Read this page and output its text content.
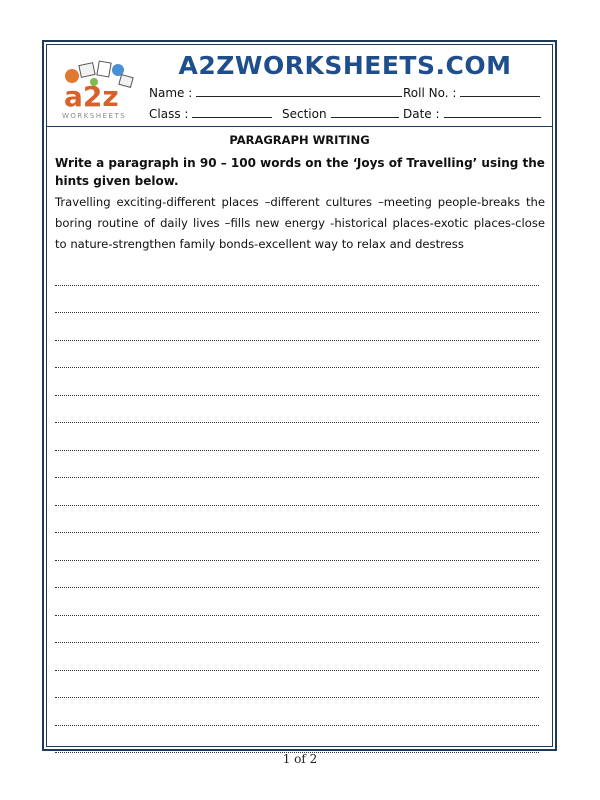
a2z
WORKSHEETS
A2ZWORKSHEETS.COM
Name :	Roll No. :
Class :	Section	Date :
PARAGRAPH WRITING
Write a paragraph in 90 – 100 words on the ‘Joys of Travelling’ using the hints given below.
Travelling exciting-different places –different cultures –meeting people-breaks the boring routine of daily lives –fills new energy -historical places-exotic places-close to nature-strengthen family bonds-excellent way to relax and destress
1 of 2
